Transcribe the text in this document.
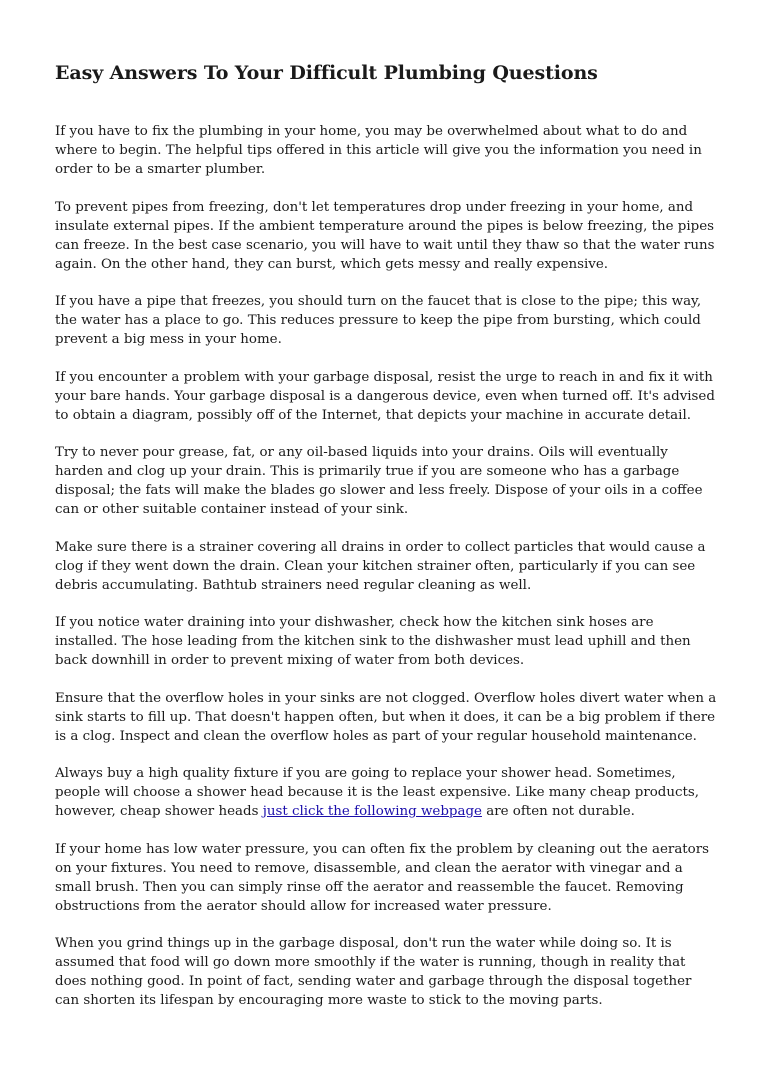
Easy Answers To Your Difficult Plumbing Questions

If you have to fix the plumbing in your home, you may be overwhelmed about what to do and where to begin. The helpful tips offered in this article will give you the information you need in order to be a smarter plumber.

To prevent pipes from freezing, don't let temperatures drop under freezing in your home, and insulate external pipes. If the ambient temperature around the pipes is below freezing, the pipes can freeze. In the best case scenario, you will have to wait until they thaw so that the water runs again. On the other hand, they can burst, which gets messy and really expensive.

If you have a pipe that freezes, you should turn on the faucet that is close to the pipe; this way, the water has a place to go. This reduces pressure to keep the pipe from bursting, which could prevent a big mess in your home.

If you encounter a problem with your garbage disposal, resist the urge to reach in and fix it with your bare hands. Your garbage disposal is a dangerous device, even when turned off. It's advised to obtain a diagram, possibly off of the Internet, that depicts your machine in accurate detail.

Try to never pour grease, fat, or any oil-based liquids into your drains. Oils will eventually harden and clog up your drain. This is primarily true if you are someone who has a garbage disposal; the fats will make the blades go slower and less freely. Dispose of your oils in a coffee can or other suitable container instead of your sink.

Make sure there is a strainer covering all drains in order to collect particles that would cause a clog if they went down the drain. Clean your kitchen strainer often, particularly if you can see debris accumulating. Bathtub strainers need regular cleaning as well.

If you notice water draining into your dishwasher, check how the kitchen sink hoses are installed. The hose leading from the kitchen sink to the dishwasher must lead uphill and then back downhill in order to prevent mixing of water from both devices.

Ensure that the overflow holes in your sinks are not clogged. Overflow holes divert water when a sink starts to fill up. That doesn't happen often, but when it does, it can be a big problem if there is a clog. Inspect and clean the overflow holes as part of your regular household maintenance.

Always buy a high quality fixture if you are going to replace your shower head. Sometimes, people will choose a shower head because it is the least expensive. Like many cheap products, however, cheap shower heads just click the following webpage are often not durable.

If your home has low water pressure, you can often fix the problem by cleaning out the aerators on your fixtures. You need to remove, disassemble, and clean the aerator with vinegar and a small brush. Then you can simply rinse off the aerator and reassemble the faucet. Removing obstructions from the aerator should allow for increased water pressure.

When you grind things up in the garbage disposal, don't run the water while doing so. It is assumed that food will go down more smoothly if the water is running, though in reality that does nothing good. In point of fact, sending water and garbage through the disposal together can shorten its lifespan by encouraging more waste to stick to the moving parts.
